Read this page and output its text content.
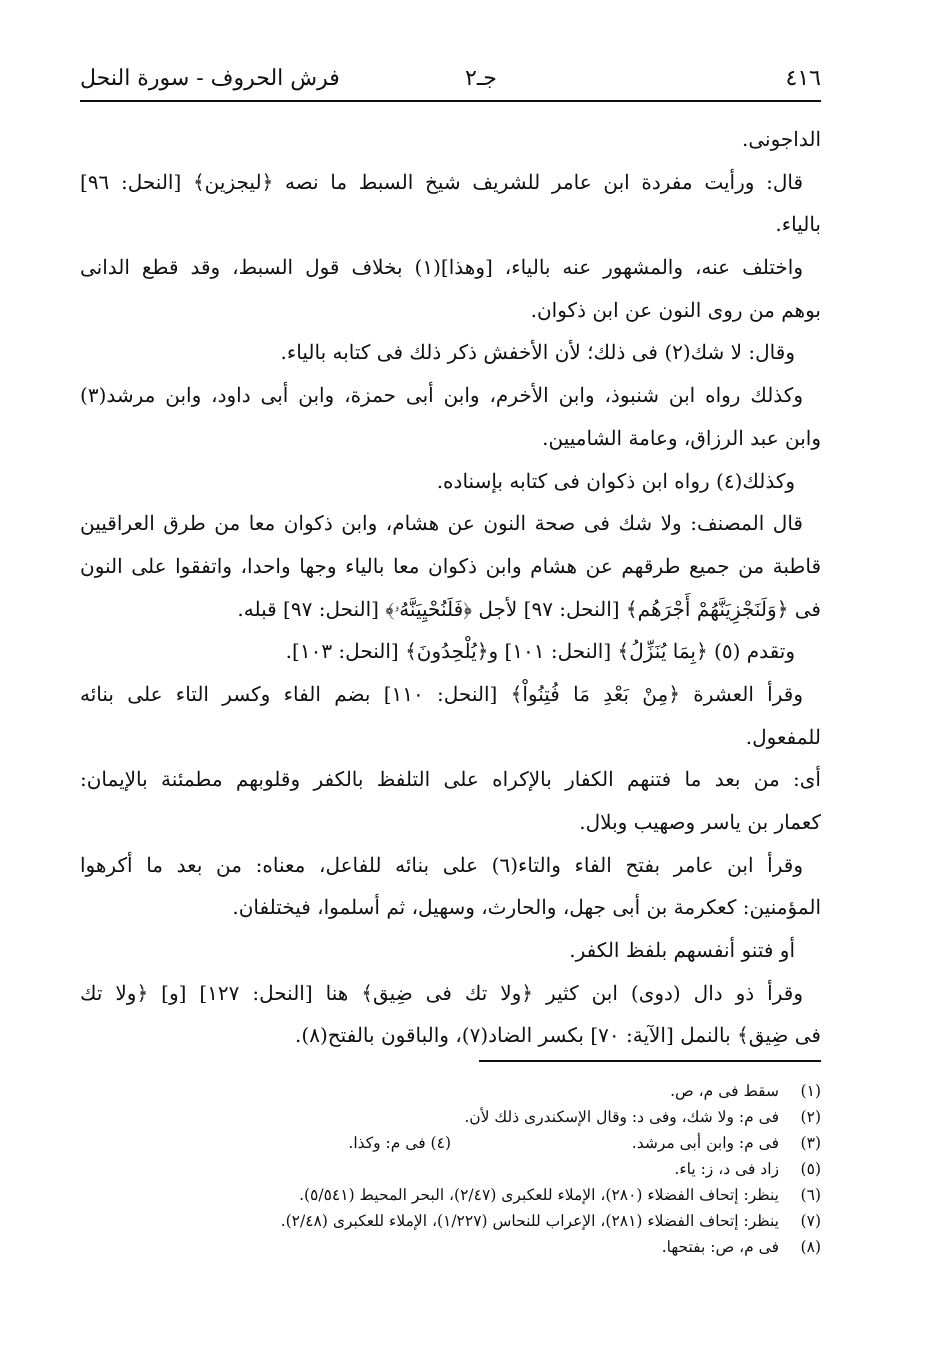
٤١٦
جـ٢
فرش الحروف - سورة النحل
الداجونى.
قال: ورأيت مفردة ابن عامر للشريف شيخ السبط ما نصه ﴿ليجزين﴾ [النحل: ٩٦]
بالياء.
واختلف عنه، والمشهور عنه بالياء، [وهذا](١) بخلاف قول السبط، وقد قطع الدانى
بوهم من روى النون عن ابن ذكوان.
وقال: لا شك(٢) فى ذلك؛ لأن الأخفش ذكر ذلك فى كتابه بالياء.
وكذلك رواه ابن شنبوذ، وابن الأخرم، وابن أبى حمزة، وابن أبى داود، وابن مرشد(٣)
وابن عبد الرزاق، وعامة الشاميين.
وكذلك(٤) رواه ابن ذكوان فى كتابه بإسناده.
قال المصنف: ولا شك فى صحة النون عن هشام، وابن ذكوان معا من طرق العراقيين
قاطبة من جميع طرقهم عن هشام وابن ذكوان معا بالياء وجها واحدا، واتفقوا على النون
فى ﴿وَلَنَجْزِيَنَّهُمْ أَجْرَهُم﴾ [النحل: ٩٧] لأجل ﴿فَلَنُحْيِيَنَّهُۥ﴾ [النحل: ٩٧] قبله.
وتقدم (٥) ﴿بِمَا يُنَزِّلُ﴾ [النحل: ١٠١] و﴿يُلْحِدُونَ﴾ [النحل: ١٠٣].
وقرأ العشرة ﴿مِنْ بَعْدِ مَا فُتِنُواْ﴾ [النحل: ١١٠] بضم الفاء وكسر التاء على بنائه
للمفعول.
أى: من بعد ما فتنهم الكفار بالإكراه على التلفظ بالكفر وقلوبهم مطمئنة بالإيمان:
كعمار بن ياسر وصهيب وبلال.
وقرأ ابن عامر بفتح الفاء والتاء(٦) على بنائه للفاعل، معناه: من بعد ما أكرهوا
المؤمنين: كعكرمة بن أبى جهل، والحارث، وسهيل، ثم أسلموا، فيختلفان.
أو فتنو أنفسهم بلفظ الكفر.
وقرأ ذو دال (دوى) ابن كثير ﴿ولا تك فى ضِيق﴾ هنا [النحل: ١٢٧] [و] ﴿ولا تك
فى ضِيق﴾ بالنمل [الآية: ٧٠] بكسر الضاد(٧)، والباقون بالفتح(٨).
(١)سقط فى م، ص.
(٢)فى م: ولا شك، وفى د: وقال الإسكندرى ذلك لأن.
(٣)فى م: وابن أبى مرشد.
(٤) فى م: وكذا.
(٥)زاد فى د، ز: ياء.
(٦)ينظر: إتحاف الفضلاء (٢٨٠)، الإملاء للعكبرى (٢/٤٧)، البحر المحيط (٥/٥٤١).
(٧)ينظر: إتحاف الفضلاء (٢٨١)، الإعراب للنحاس (١/٢٢٧)، الإملاء للعكبرى (٢/٤٨).
(٨)فى م، ص: بفتحها.
